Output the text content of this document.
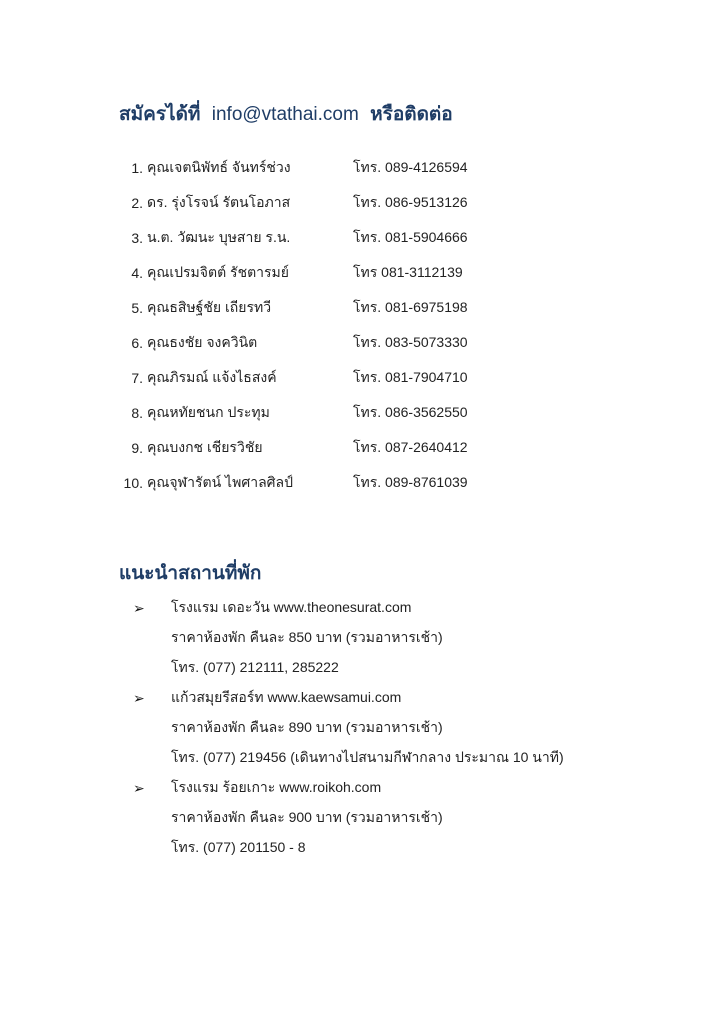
สมัครได้ที่ info@vtathai.com หรือติดต่อ
1. คุณเจตนิพัทธ์ จันทร์ช่วง	โทร. 089-4126594
2. ดร. รุ่งโรจน์ รัตนโอภาส	โทร. 086-9513126
3. น.ต. วัฒนะ บุษสาย ร.น.	โทร. 081-5904666
4. คุณเปรมจิตต์ รัชตารมย์	โทร 081-3112139
5. คุณธสิษฐ์ชัย เถียรทวี	โทร. 081-6975198
6. คุณธงชัย จงควินิต	โทร. 083-5073330
7. คุณภิรมณ์ แจ้งไธสงค์	โทร. 081-7904710
8. คุณหทัยชนก ประทุม	โทร. 086-3562550
9. คุณบงกช เชียรวิชัย	โทร. 087-2640412
10. คุณจุฬารัตน์ ไพศาลศิลป์	โทร. 089-8761039
แนะนำสถานที่พัก
➢	โรงแรม เดอะวัน www.theonesurat.com
ราคาห้องพัก คืนละ 850 บาท (รวมอาหารเช้า)
โทร. (077) 212111, 285222
➢	แก้วสมุยรีสอร์ท www.kaewsamui.com
ราคาห้องพัก คืนละ 890 บาท (รวมอาหารเช้า)
โทร. (077) 219456 (เดินทางไปสนามกีฬากลาง ประมาณ 10 นาที)
➢	โรงแรม ร้อยเกาะ www.roikoh.com
ราคาห้องพัก คืนละ 900 บาท (รวมอาหารเช้า)
โทร. (077) 201150 - 8
